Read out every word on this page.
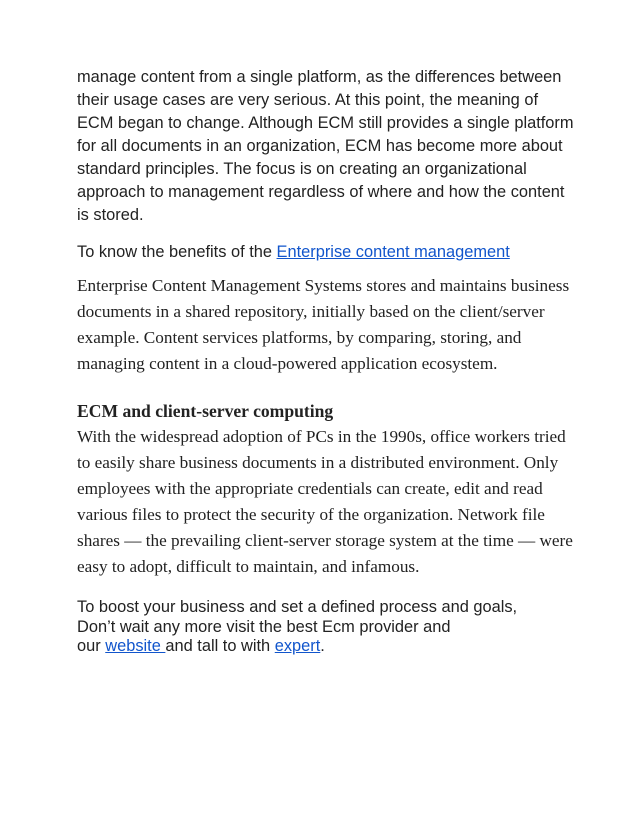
manage content from a single platform, as the differences between their usage cases are very serious. At this point, the meaning of ECM began to change. Although ECM still provides a single platform for all documents in an organization, ECM has become more about standard principles. The focus is on creating an organizational approach to management regardless of where and how the content is stored.

To know the benefits of the Enterprise content management

Enterprise Content Management Systems stores and maintains business documents in a shared repository, initially based on the client/server example. Content services platforms, by comparing, storing, and managing content in a cloud-powered application ecosystem.

ECM and client-server computing

With the widespread adoption of PCs in the 1990s, office workers tried to easily share business documents in a distributed environment. Only employees with the appropriate credentials can create, edit and read various files to protect the security of the organization. Network file shares — the prevailing client-server storage system at the time — were easy to adopt, difficult to maintain, and infamous.

To boost your business and set a defined process and goals,
Don’t wait any more visit the best Ecm provider and
our website and tall to with expert.
